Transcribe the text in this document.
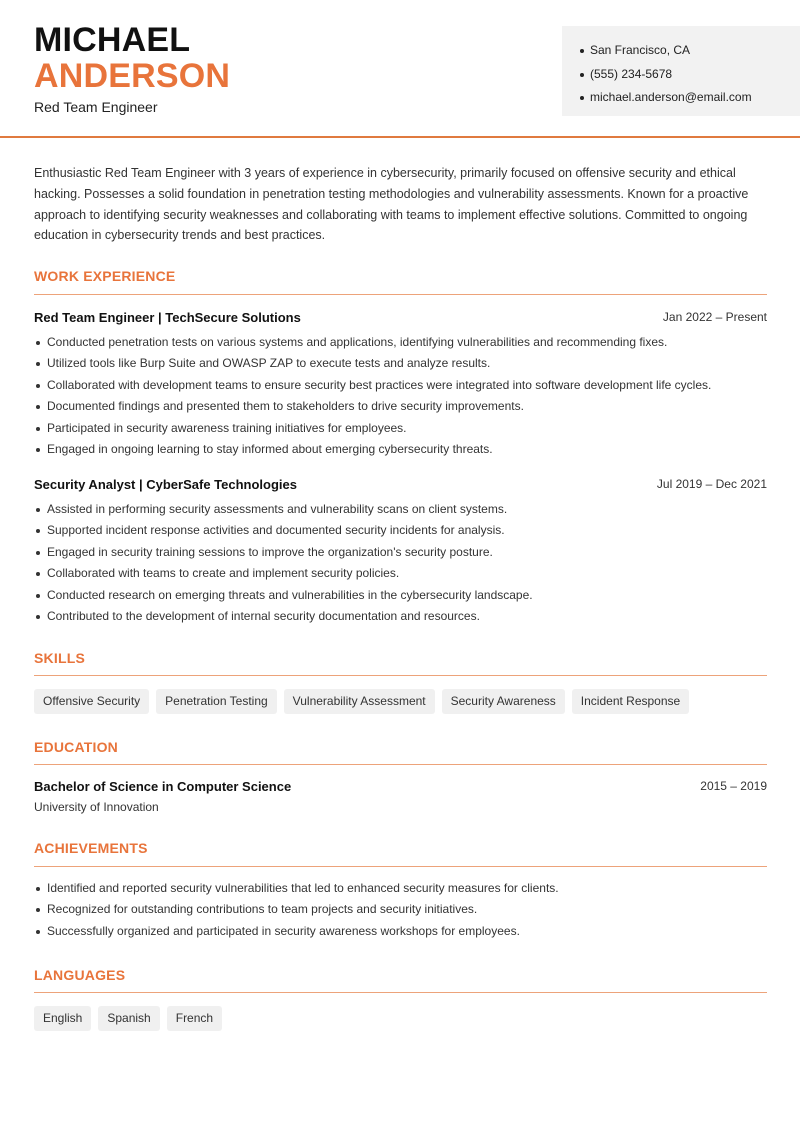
MICHAEL
ANDERSON
Red Team Engineer
San Francisco, CA
(555) 234-5678
michael.anderson@email.com

Enthusiastic Red Team Engineer with 3 years of experience in cybersecurity, primarily focused on offensive security and ethical hacking. Possesses a solid foundation in penetration testing methodologies and vulnerability assessments. Known for a proactive approach to identifying security weaknesses and collaborating with teams to implement effective solutions. Committed to ongoing education in cybersecurity trends and best practices.

WORK EXPERIENCE
Red Team Engineer | TechSecure Solutions	Jan 2022 – Present
Conducted penetration tests on various systems and applications, identifying vulnerabilities and recommending fixes.
Utilized tools like Burp Suite and OWASP ZAP to execute tests and analyze results.
Collaborated with development teams to ensure security best practices were integrated into software development life cycles.
Documented findings and presented them to stakeholders to drive security improvements.
Participated in security awareness training initiatives for employees.
Engaged in ongoing learning to stay informed about emerging cybersecurity threats.
Security Analyst | CyberSafe Technologies	Jul 2019 – Dec 2021
Assisted in performing security assessments and vulnerability scans on client systems.
Supported incident response activities and documented security incidents for analysis.
Engaged in security training sessions to improve the organization's security posture.
Collaborated with teams to create and implement security policies.
Conducted research on emerging threats and vulnerabilities in the cybersecurity landscape.
Contributed to the development of internal security documentation and resources.
SKILLS
Offensive Security	Penetration Testing	Vulnerability Assessment	Security Awareness	Incident Response
EDUCATION
Bachelor of Science in Computer Science	2015 – 2019
University of Innovation
ACHIEVEMENTS
Identified and reported security vulnerabilities that led to enhanced security measures for clients.
Recognized for outstanding contributions to team projects and security initiatives.
Successfully organized and participated in security awareness workshops for employees.
LANGUAGES
English	Spanish	French
